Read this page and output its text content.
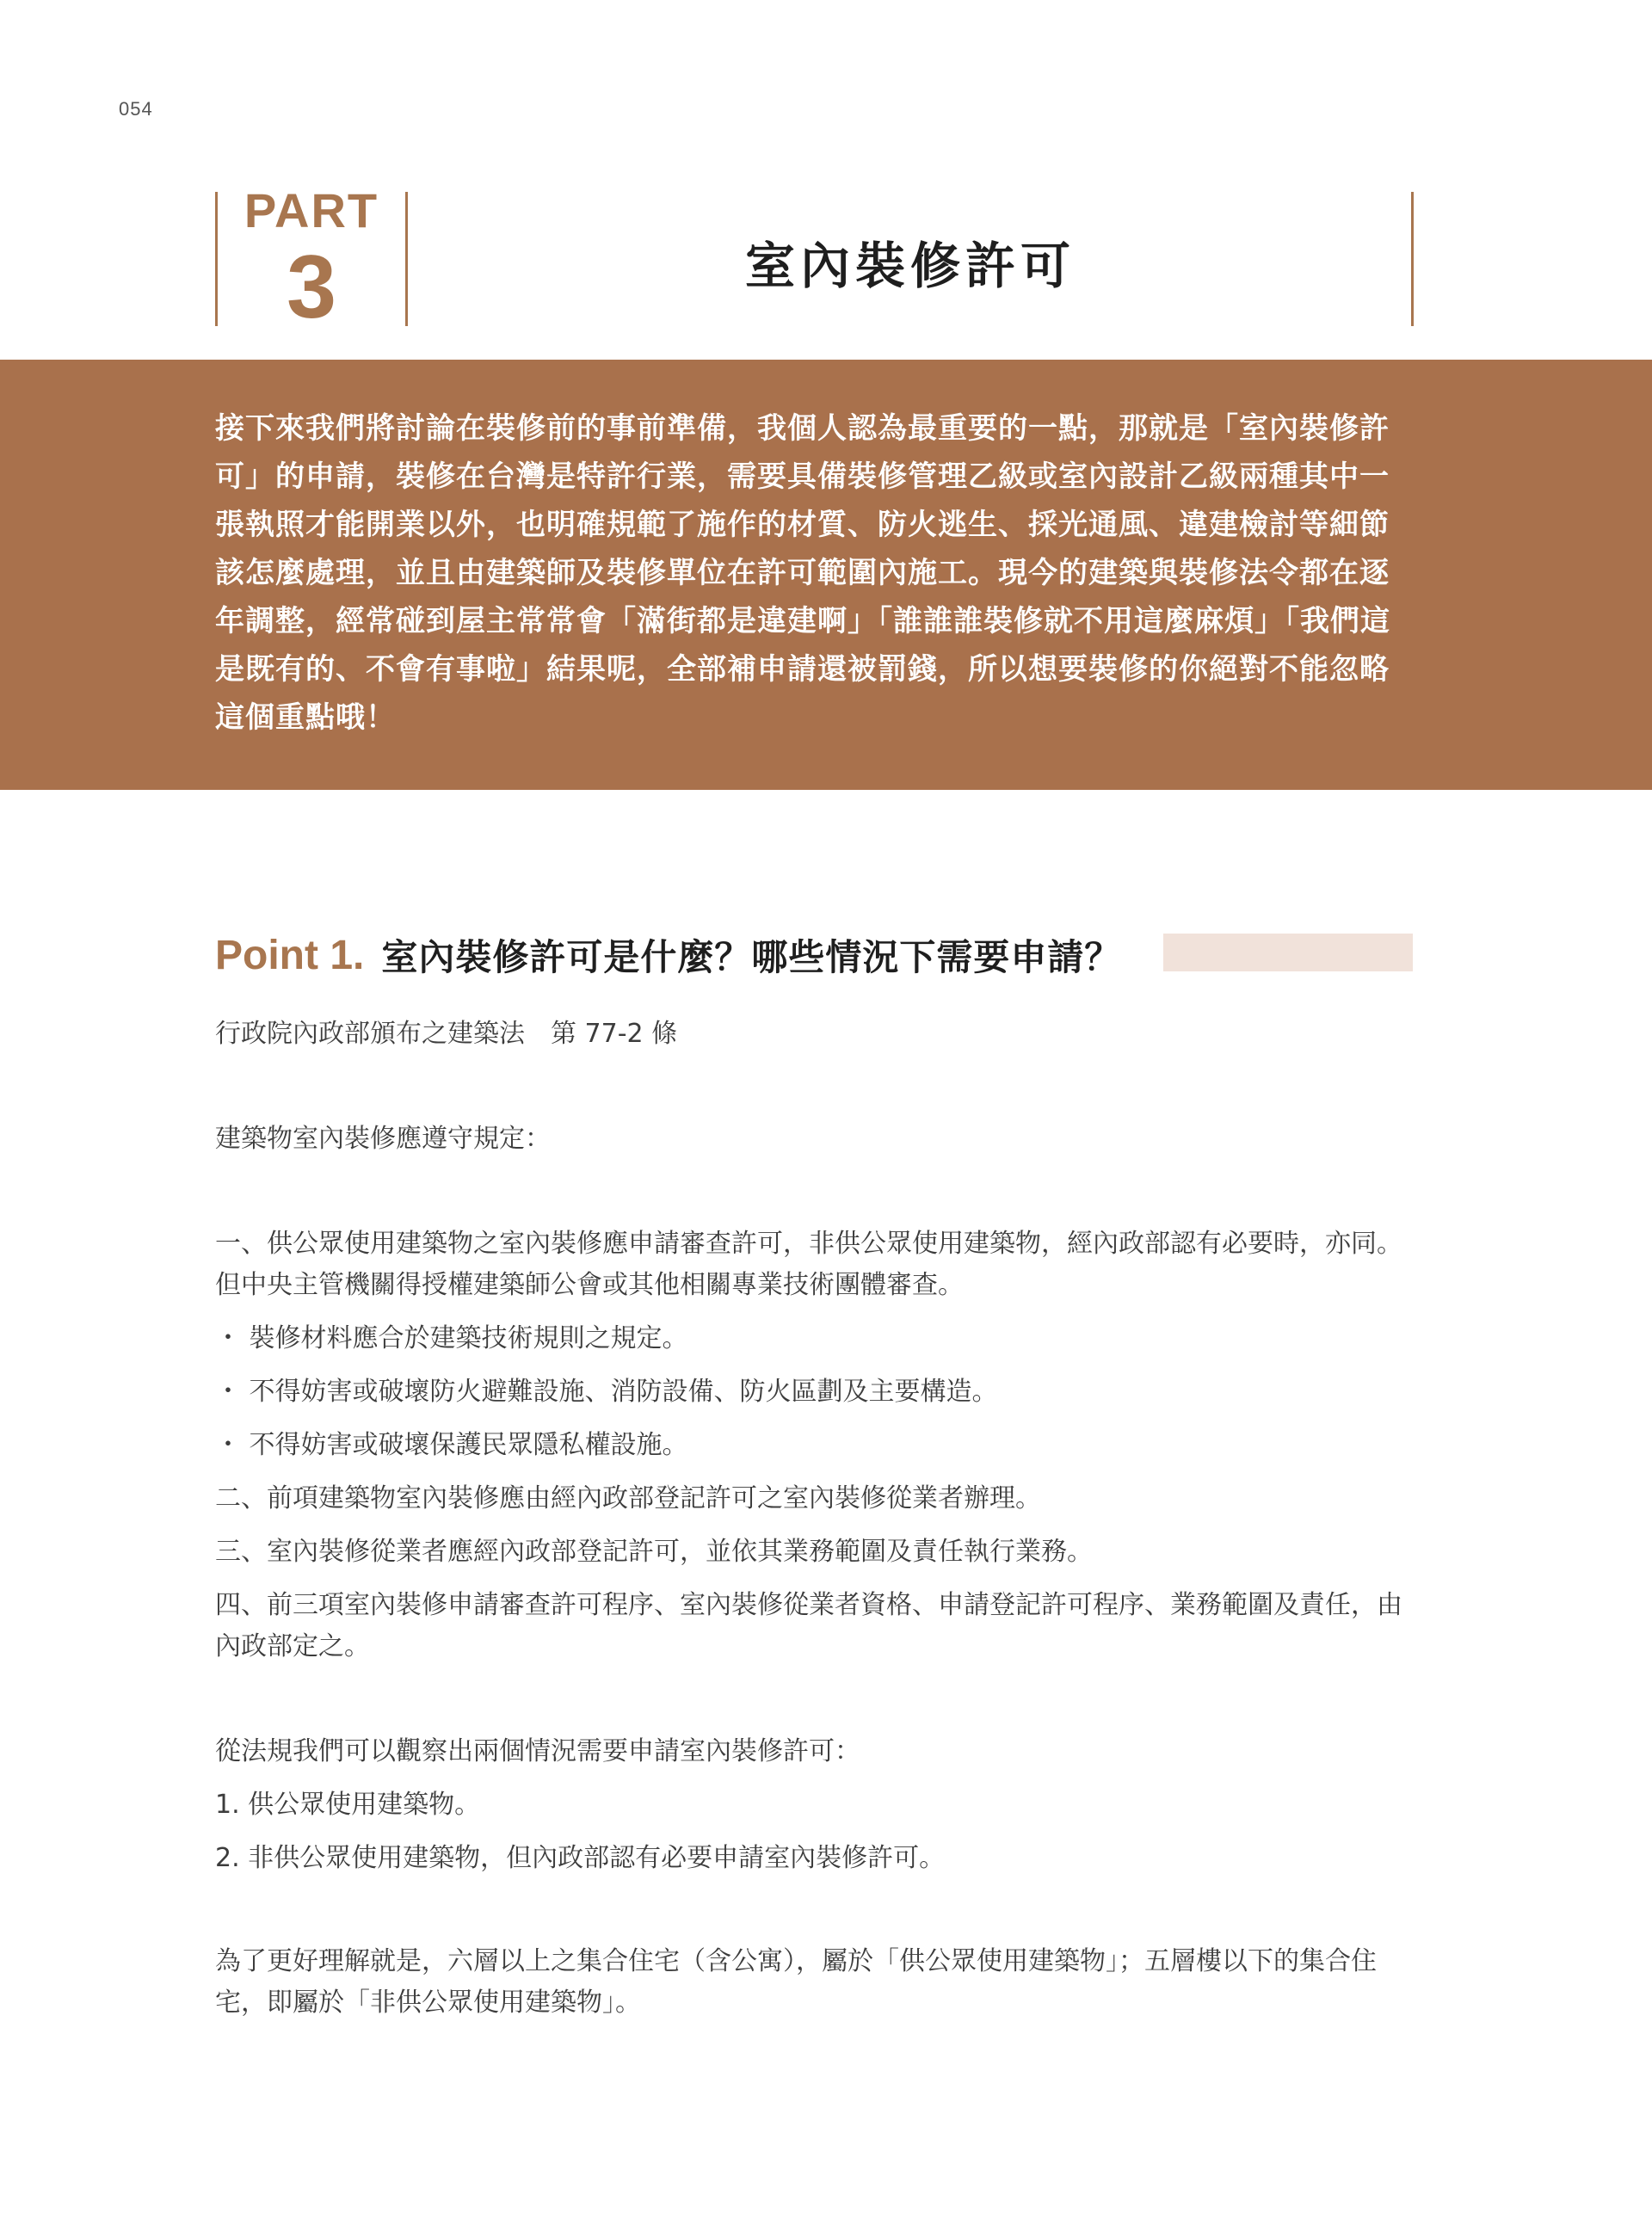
054
PART
3	室內裝修許可

接下來我們將討論在裝修前的事前準備，我個人認為最重要的一點，那就是「室內裝修許可」的申請，裝修在台灣是特許行業，需要具備裝修管理乙級或室內設計乙級兩種其中一張執照才能開業以外，也明確規範了施作的材質、防火逃生、採光通風、違建檢討等細節該怎麼處理，並且由建築師及裝修單位在許可範圍內施工。現今的建築與裝修法令都在逐年調整，經常碰到屋主常常會「滿街都是違建啊」「誰誰誰裝修就不用這麼麻煩」「我們這是既有的、不會有事啦」結果呢，全部補申請還被罰錢，所以想要裝修的你絕對不能忽略這個重點哦！

Point 1. 室內裝修許可是什麼？哪些情況下需要申請？

行政院內政部頒布之建築法　第 77-2 條

建築物室內裝修應遵守規定：

一、供公眾使用建築物之室內裝修應申請審查許可，非供公眾使用建築物，經內政部認有必要時，亦同。但中央主管機關得授權建築師公會或其他相關專業技術團體審查。

・ 裝修材料應合於建築技術規則之規定。

・ 不得妨害或破壞防火避難設施、消防設備、防火區劃及主要構造。

・ 不得妨害或破壞保護民眾隱私權設施。

二、前項建築物室內裝修應由經內政部登記許可之室內裝修從業者辦理。

三、室內裝修從業者應經內政部登記許可，並依其業務範圍及責任執行業務。

四、前三項室內裝修申請審查許可程序、室內裝修從業者資格、申請登記許可程序、業務範圍及責任，由內政部定之。

從法規我們可以觀察出兩個情況需要申請室內裝修許可：

1. 供公眾使用建築物。

2. 非供公眾使用建築物，但內政部認有必要申請室內裝修許可。

為了更好理解就是，六層以上之集合住宅（含公寓），屬於「供公眾使用建築物」；五層樓以下的集合住宅，即屬於「非供公眾使用建築物」。
